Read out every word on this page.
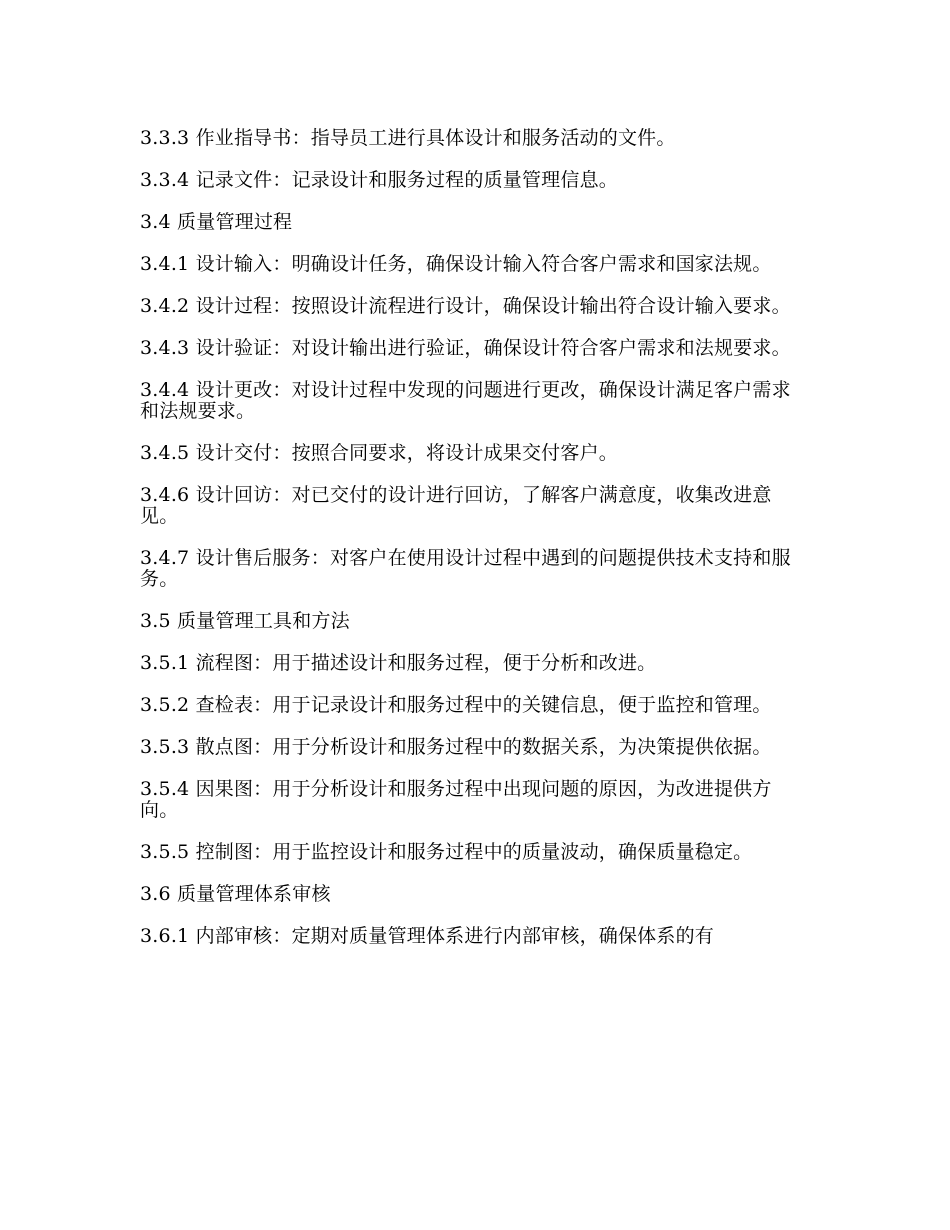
3.3.3 作业指导书：指导员工进行具体设计和服务活动的文件。

3.3.4 记录文件：记录设计和服务过程的质量管理信息。

3.4 质量管理过程

3.4.1 设计输入：明确设计任务，确保设计输入符合客户需求和国家法规。

3.4.2 设计过程：按照设计流程进行设计，确保设计输出符合设计输入要求。

3.4.3 设计验证：对设计输出进行验证，确保设计符合客户需求和法规要求。

3.4.4 设计更改：对设计过程中发现的问题进行更改，确保设计满足客户需求和法规要求。

3.4.5 设计交付：按照合同要求，将设计成果交付客户。

3.4.6 设计回访：对已交付的设计进行回访，了解客户满意度，收集改进意见。

3.4.7 设计售后服务：对客户在使用设计过程中遇到的问题提供技术支持和服务。

3.5 质量管理工具和方法

3.5.1 流程图：用于描述设计和服务过程，便于分析和改进。

3.5.2 查检表：用于记录设计和服务过程中的关键信息，便于监控和管理。

3.5.3 散点图：用于分析设计和服务过程中的数据关系，为决策提供依据。

3.5.4 因果图：用于分析设计和服务过程中出现问题的原因，为改进提供方向。

3.5.5 控制图：用于监控设计和服务过程中的质量波动，确保质量稳定。

3.6 质量管理体系审核

3.6.1 内部审核：定期对质量管理体系进行内部审核，确保体系的有
